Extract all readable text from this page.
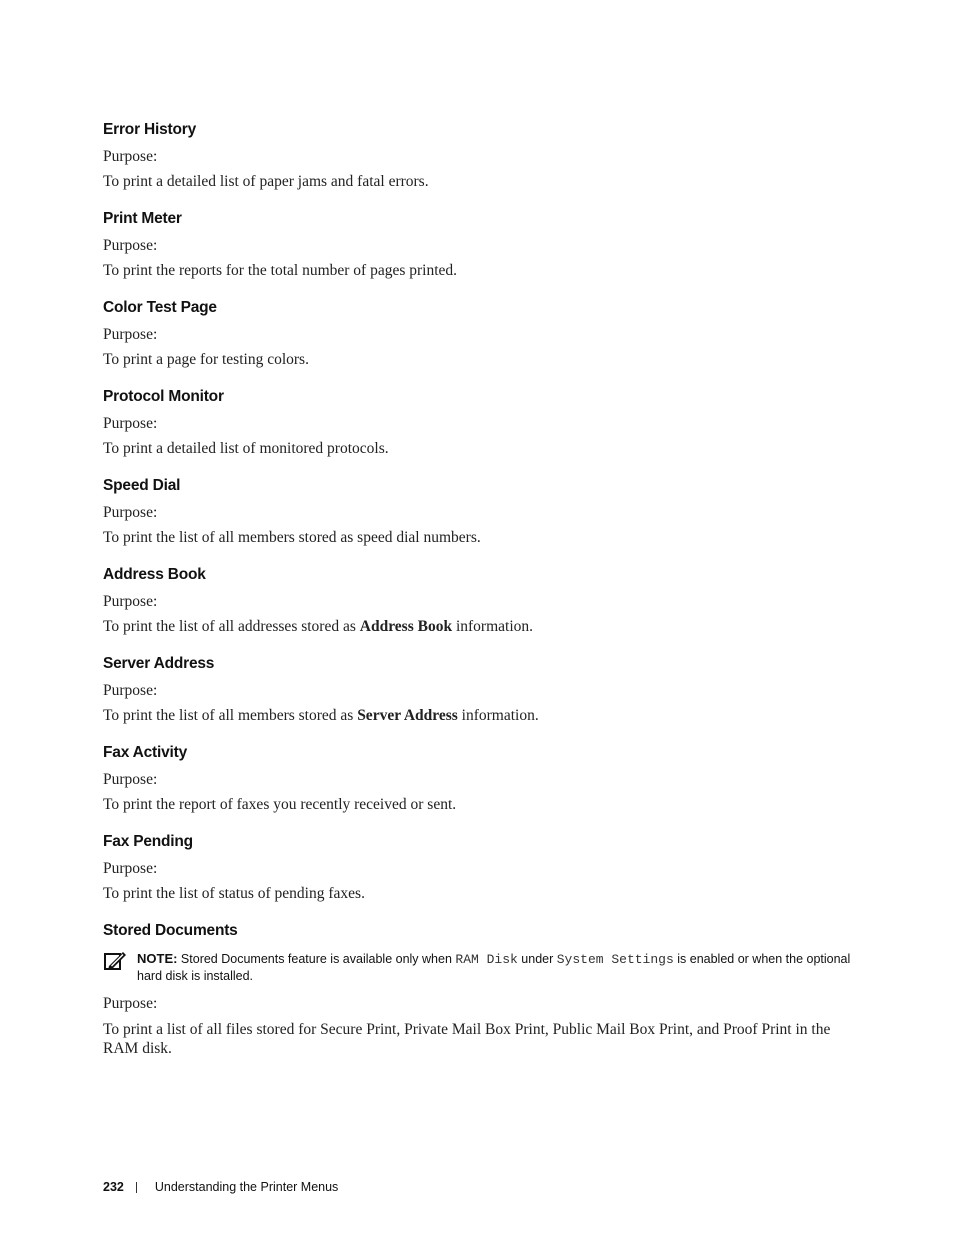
Error History

Purpose:

To print a detailed list of paper jams and fatal errors.

Print Meter

Purpose:

To print the reports for the total number of pages printed.

Color Test Page

Purpose:

To print a page for testing colors.

Protocol Monitor

Purpose:

To print a detailed list of monitored protocols.

Speed Dial

Purpose:

To print the list of all members stored as speed dial numbers.

Address Book

Purpose:

To print the list of all addresses stored as Address Book information.

Server Address

Purpose:

To print the list of all members stored as Server Address information.

Fax Activity

Purpose:

To print the report of faxes you recently received or sent.

Fax Pending

Purpose:

To print the list of status of pending faxes.

Stored Documents
NOTE: Stored Documents feature is available only when RAM Disk under System Settings is enabled or when the optional hard disk is installed.

Purpose:

To print a list of all files stored for Secure Print, Private Mail Box Print, Public Mail Box Print, and Proof Print in the RAM disk.

232 Understanding the Printer Menus
